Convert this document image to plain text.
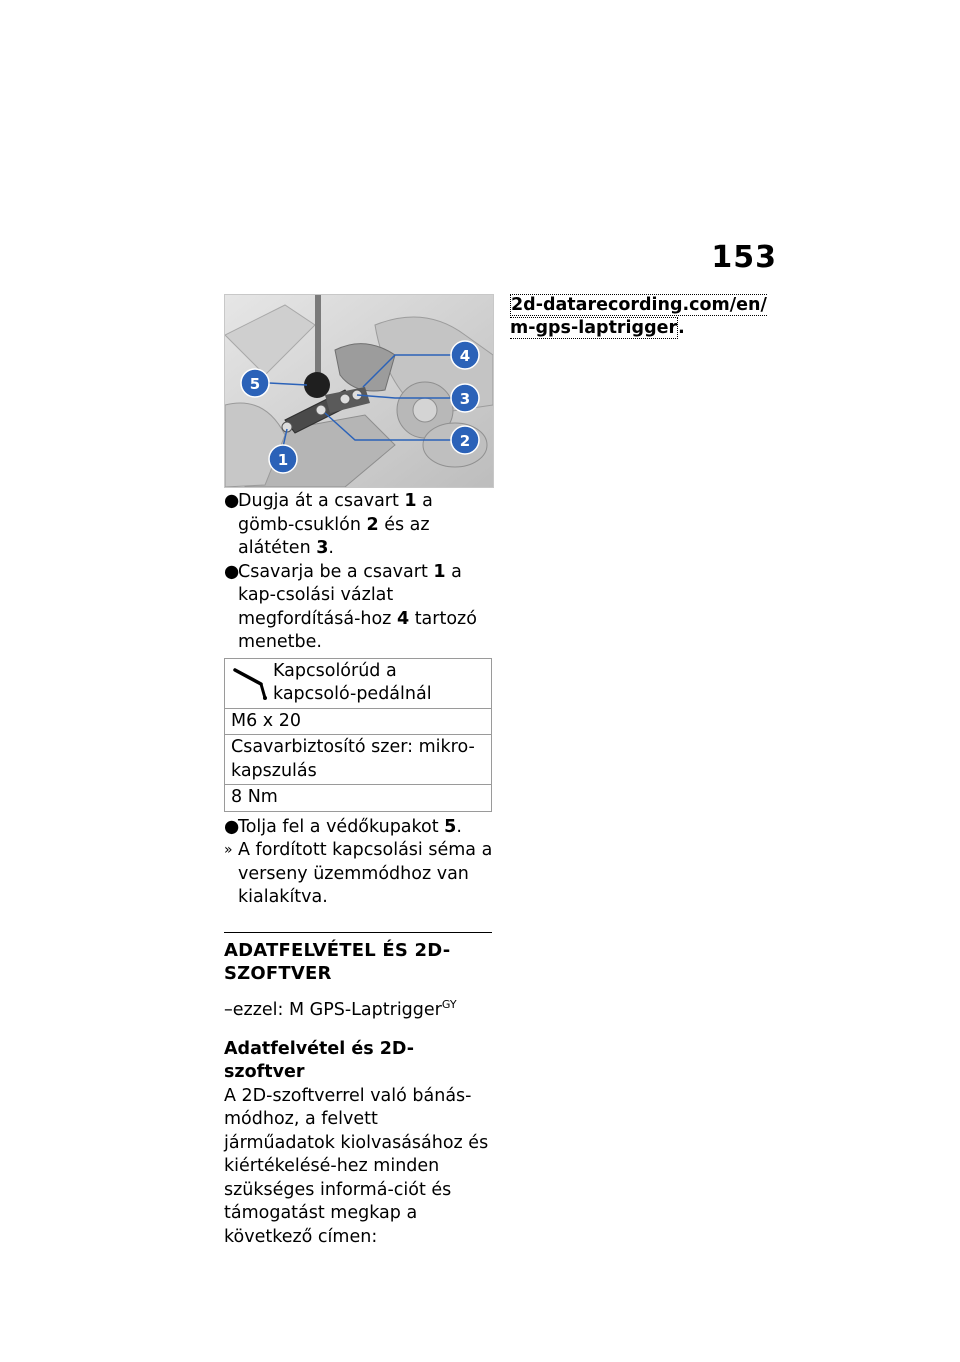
153
4
3
2
1
5

●
Dugja át a csavart 1 a gömb-csuklón 2 és az alátéten 3.

●
Csavarja be a csavart 1 a kap-csolási vázlat megfordításá-hoz 4 tartozó menetbe.

Kapcsolórúd a kapcsoló-pedálnál

M6 x 20
Csavarbiztosító szer: mikro-kapszulás
8 Nm

●
Tolja fel a védőkupakot 5.

» A fordított kapcsolási séma a verseny üzemmódhoz van kialakítva.

ADATFELVÉTEL ÉS 2D-SZOFTVER

–ezzel: M GPS-Laptrigger$^{GY}$

Adatfelvétel és 2D-szoftver

A 2D-szoftverrel való bánás-módhoz, a felvett járműadatok kiolvasásához és kiértékelésé-hez minden szükséges informá-ciót és támogatást megkap a következő címen:

2d-datarecording.com/en/m-gps-laptrigger.
